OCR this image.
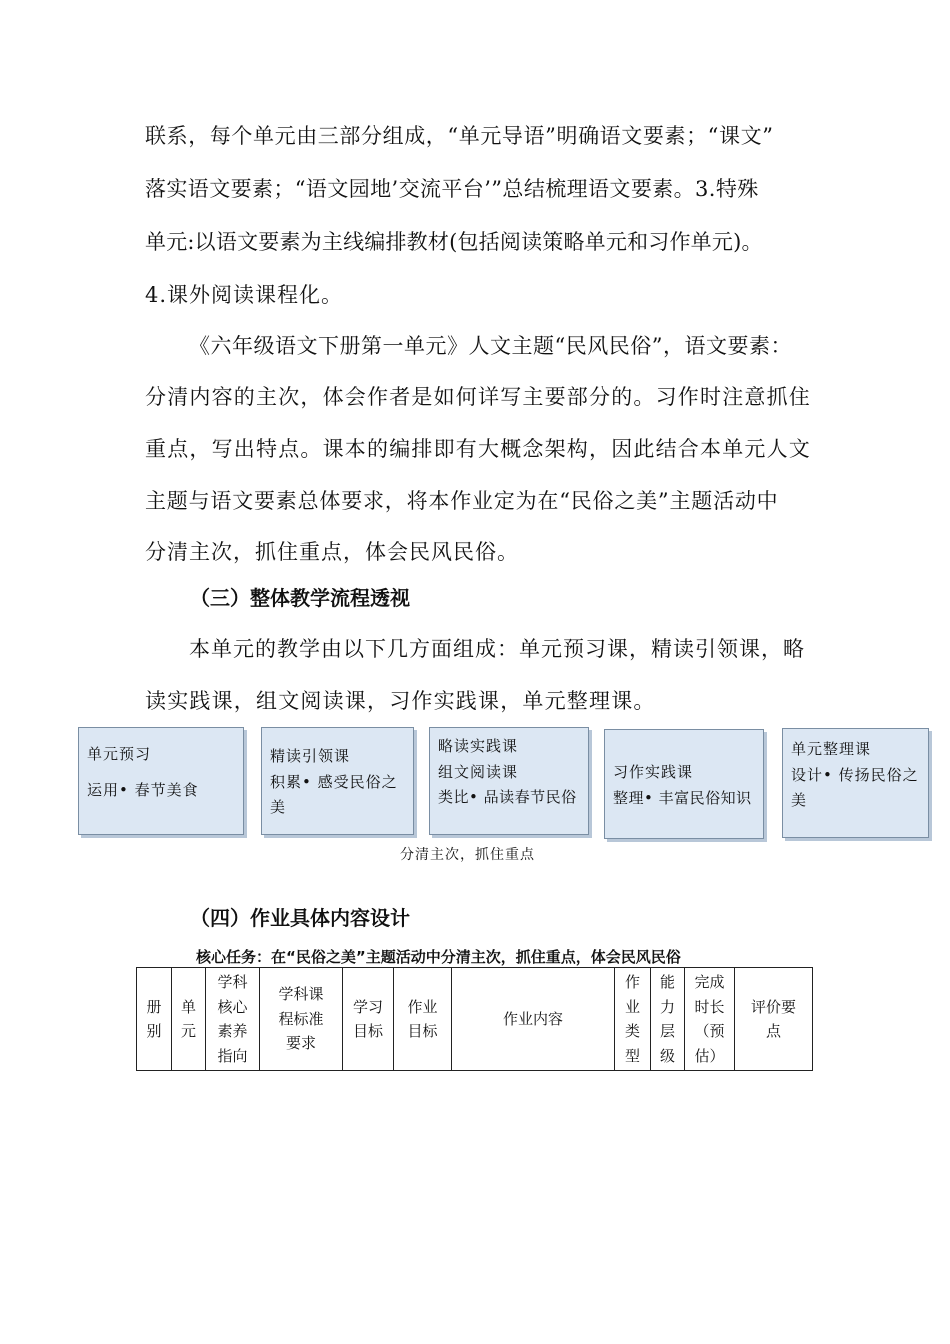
联系，每个单元由三部分组成，“单元导语”明确语文要素；“课文”
落实语文要素；“语文园地’交流平台’”总结梳理语文要素。3.特殊
单元:以语文要素为主线编排教材(包括阅读策略单元和习作单元)。
4.课外阅读课程化。
《六年级语文下册第一单元》人文主题“民风民俗”，语文要素：
分清内容的主次，体会作者是如何详写主要部分的。习作时注意抓住
重点，写出特点。课本的编排即有大概念架构，因此结合本单元人文
主题与语文要素总体要求，将本作业定为在“民俗之美”主题活动中
分清主次，抓住重点，体会民风民俗。
（三）整体教学流程透视
本单元的教学由以下几方面组成：单元预习课，精读引领课，略
读实践课，组文阅读课，习作实践课，单元整理课。
单元预习
运用• 春节美食
精读引领课
积累• 感受民俗之
美
略读实践课
组文阅读课
类比• 品读春节民俗
习作实践课
整理• 丰富民俗知识
单元整理课
设计• 传扬民俗之
美
分清主次，抓住重点
（四）作业具体内容设计
核心任务：在“民俗之美”主题活动中分清主次，抓住重点，体会民风民俗
册
别

单
元

学科
核心
素养
指向

学科课
程标准
要求

学习
目标

作业
目标

作业内容

作
业
类
型

能
力
层
级

完成
时长
（预
估）

评价要
点
